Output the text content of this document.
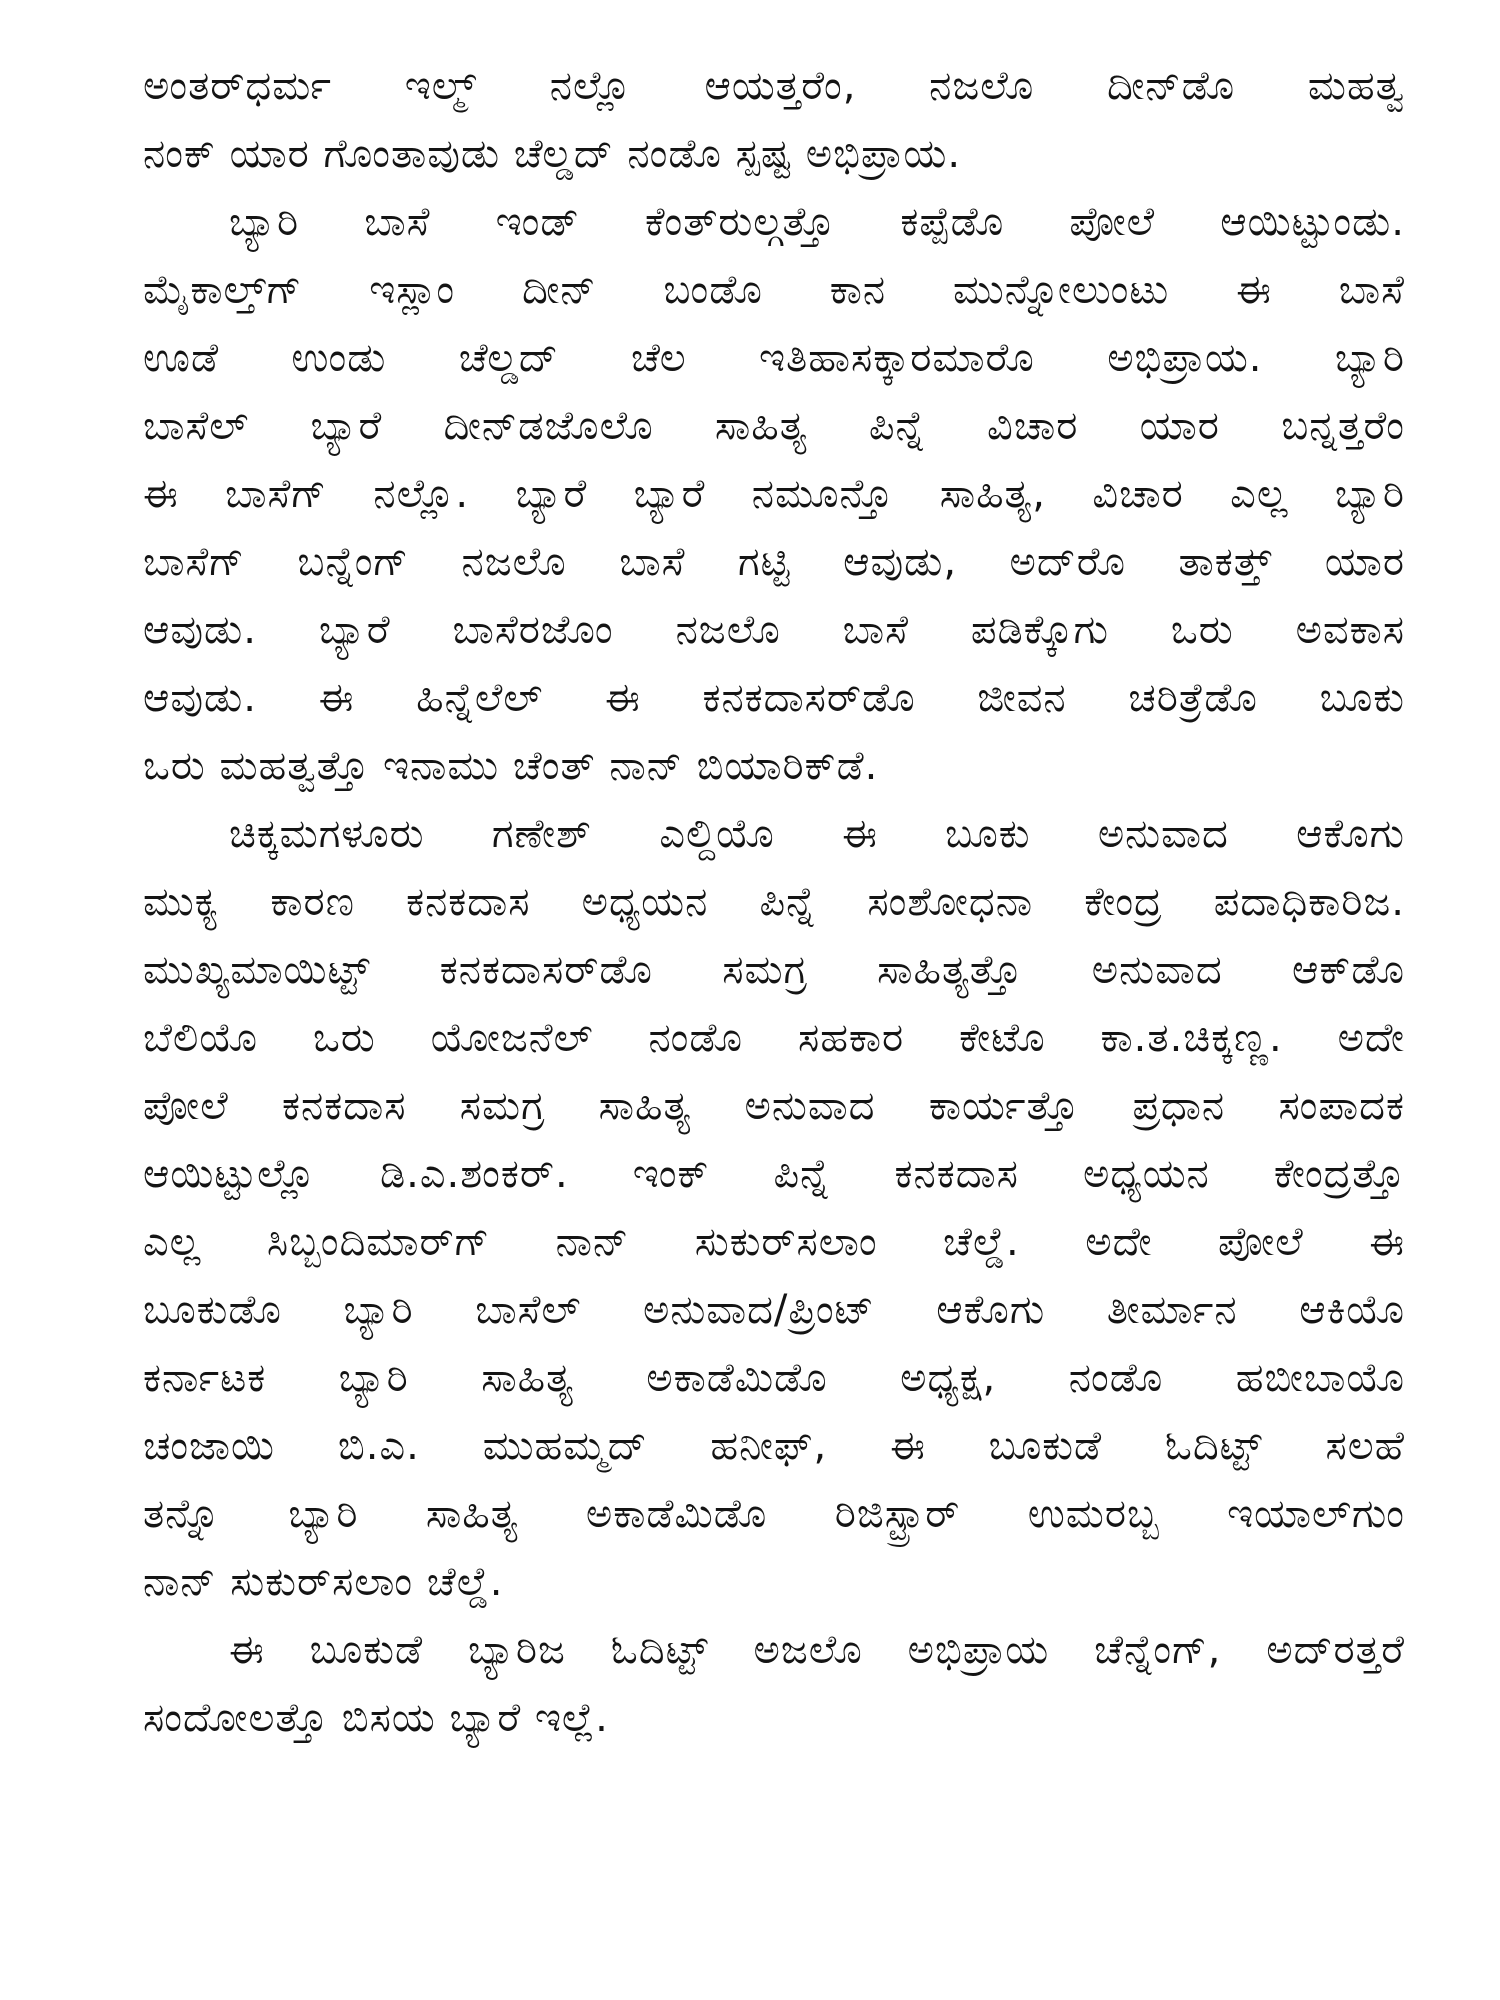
ಅಂತರ್‌ಧರ್ಮ ಇಲ್ಮ್ ನಲ್ಲೊ ಆಯತ್ತರೆಂ, ನಜಲೊ ದೀನ್‌ಡೊ ಮಹತ್ವ
ನಂಕ್ ಯಾರ ಗೊಂತಾವುಡು ಚೆಲ್ಡದ್ ನಂಡೊ ಸ್ಪಷ್ಟ ಅಭಿಪ್ರಾಯ.

ಬ್ಯಾರಿ ಬಾಸೆ ಇಂಡ್ ಕೆಂತ್‌ರುಲ್ಗತ್ತೊ ಕಪ್ಪೆಡೊ ಪೋಲೆ ಆಯಿಟ್ಟುಂಡು.
ಮೈಕಾಲ್ತ್‌ಗ್ ಇಸ್ಲಾಂ ದೀನ್ ಬಂಡೊ ಕಾನ ಮುನ್ನೋಲುಂಟು ಈ ಬಾಸೆ
ಊಡೆ ಉಂಡು ಚೆಲ್ಡದ್ ಚೆಲ ಇತಿಹಾಸಕ್ಕಾರಮಾರೊ ಅಭಿಪ್ರಾಯ. ಬ್ಯಾರಿ
ಬಾಸೆಲ್ ಬ್ಯಾರೆ ದೀನ್‌ಡಜೊಲೊ ಸಾಹಿತ್ಯ ಪಿನ್ನೆ ವಿಚಾರ ಯಾರ ಬನ್ನತ್ತರೆಂ
ಈ ಬಾಸೆಗ್ ನಲ್ಲೊ. ಬ್ಯಾರೆ ಬ್ಯಾರೆ ನಮೂನ್ತೊ ಸಾಹಿತ್ಯ, ವಿಚಾರ ಎಲ್ಲ ಬ್ಯಾರಿ
ಬಾಸೆಗ್ ಬನ್ನೆಂಗ್ ನಜಲೊ ಬಾಸೆ ಗಟ್ಟಿ ಆವುಡು, ಅದ್‌ರೊ ತಾಕತ್ತ್ ಯಾರ
ಆವುಡು. ಬ್ಯಾರೆ ಬಾಸೆರಜೊಂ ನಜಲೊ ಬಾಸೆ ಪಡಿಕ್ಕೊಗು ಒರು ಅವಕಾಸ
ಆವುಡು. ಈ ಹಿನ್ನೆಲೆಲ್ ಈ ಕನಕದಾಸರ್‌ಡೊ ಜೀವನ ಚರಿತ್ರೆಡೊ ಬೂಕು
ಒರು ಮಹತ್ವತ್ತೊ ಇನಾಮು ಚೆಂತ್ ನಾನ್ ಬಿಯಾರಿಕ್‌ಡೆ.

ಚಿಕ್ಕಮಗಳೂರು ಗಣೇಶ್ ಎಲ್ದಿಯೊ ಈ ಬೂಕು ಅನುವಾದ ಆಕೊಗು
ಮುಕ್ಯ ಕಾರಣ ಕನಕದಾಸ ಅಧ್ಯಯನ ಪಿನ್ನೆ ಸಂಶೋಧನಾ ಕೇಂದ್ರ ಪದಾಧಿಕಾರಿಜ.
ಮುಖ್ಯಮಾಯಿಟ್ಟ್ ಕನಕದಾಸರ್‌ಡೊ ಸಮಗ್ರ ಸಾಹಿತ್ಯತ್ತೊ ಅನುವಾದ ಆಕ್‌ಡೊ
ಬೆಲಿಯೊ ಒರು ಯೋಜನೆಲ್ ನಂಡೊ ಸಹಕಾರ ಕೇಟೊ ಕಾ.ತ.ಚಿಕ್ಕಣ್ಣ. ಅದೇ
ಪೋಲೆ ಕನಕದಾಸ ಸಮಗ್ರ ಸಾಹಿತ್ಯ ಅನುವಾದ ಕಾರ್ಯತ್ತೊ ಪ್ರಧಾನ ಸಂಪಾದಕ
ಆಯಿಟ್ಟುಲ್ಲೊ ಡಿ.ಎ.ಶಂಕರ್. ಇಂಕ್ ಪಿನ್ನೆ ಕನಕದಾಸ ಅಧ್ಯಯನ ಕೇಂದ್ರತ್ತೊ
ಎಲ್ಲ ಸಿಬ್ಬಂದಿಮಾರ್‌ಗ್ ನಾನ್ ಸುಕುರ್‌ಸಲಾಂ ಚೆಲ್ಡೆ. ಅದೇ ಪೋಲೆ ಈ
ಬೂಕುಡೊ ಬ್ಯಾರಿ ಬಾಸೆಲ್ ಅನುವಾದ/ಪ್ರಿಂಟ್ ಆಕೊಗು ತೀರ್ಮಾನ ಆಕಿಯೊ
ಕರ್ನಾಟಕ ಬ್ಯಾರಿ ಸಾಹಿತ್ಯ ಅಕಾಡೆಮಿಡೊ ಅಧ್ಯಕ್ಷ, ನಂಡೊ ಹಬೀಬಾಯೊ
ಚಂಜಾಯಿ ಬಿ.ಎ. ಮುಹಮ್ಮದ್ ಹನೀಫ್, ಈ ಬೂಕುಡೆ ಓದಿಟ್ಟ್ ಸಲಹೆ
ತನ್ನೊ ಬ್ಯಾರಿ ಸಾಹಿತ್ಯ ಅಕಾಡೆಮಿಡೊ ರಿಜಿಸ್ಟ್ರಾರ್ ಉಮರಬ್ಬ ಇಯಾಲ್‌ಗುಂ
ನಾನ್ ಸುಕುರ್‌ಸಲಾಂ ಚೆಲ್ಡೆ.

ಈ ಬೂಕುಡೆ ಬ್ಯಾರಿಜ ಓದಿಟ್ಟ್ ಅಜಲೊ ಅಭಿಪ್ರಾಯ ಚೆನ್ನೆಂಗ್, ಅದ್‌ರತ್ತರೆ
ಸಂದೋಲತ್ತೊ ಬಿಸಯ ಬ್ಯಾರೆ ಇಲ್ಲೆ.
